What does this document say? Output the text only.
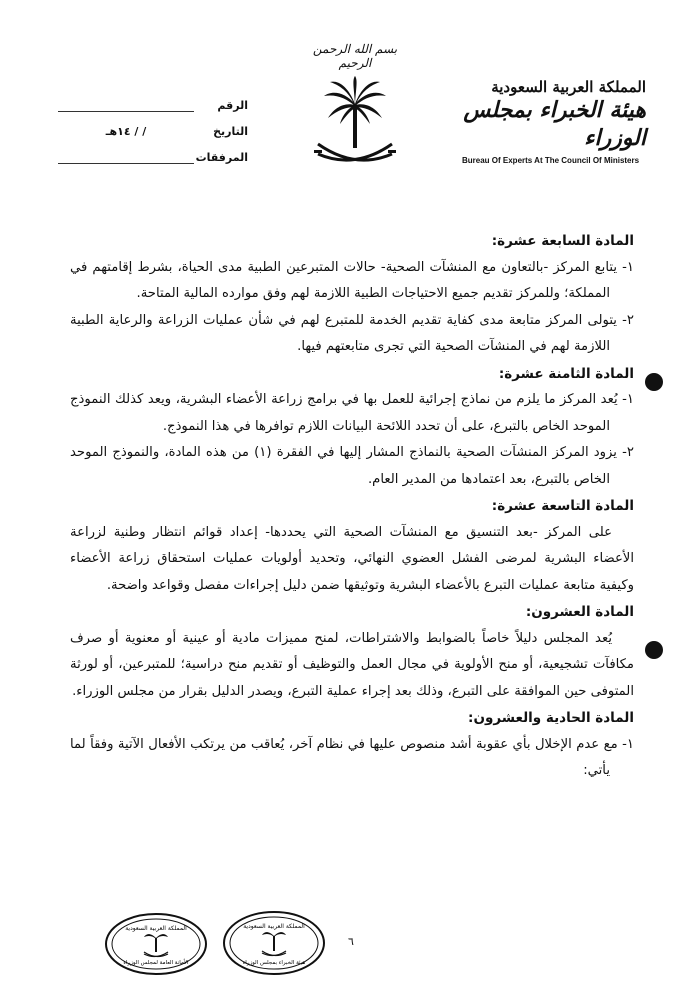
المملكة العربية السعودية
هيئة الخبراء بمجلس الوزراء
Bureau Of Experts At The Council Of Ministers
بسم الله الرحمن الرحيم
الرقم
التاريخ
/ / ١٤هـ
المرفقات

المادة السابعة عشرة:

١- يتابع المركز -بالتعاون مع المنشآت الصحية- حالات المتبرعين الطبية مدى الحياة، بشرط إقامتهم في المملكة؛ وللمركز تقديم جميع الاحتياجات الطبية اللازمة لهم وفق موارده المالية المتاحة.

٢- يتولى المركز متابعة مدى كفاية تقديم الخدمة للمتبرع لهم في شأن عمليات الزراعة والرعاية الطبية اللازمة لهم في المنشآت الصحية التي تجرى متابعتهم فيها.

المادة الثامنة عشرة:

١- يُعد المركز ما يلزم من نماذج إجرائية للعمل بها في برامج زراعة الأعضاء البشرية، ويعد كذلك النموذج الموحد الخاص بالتبرع، على أن تحدد اللائحة البيانات اللازم توافرها في هذا النموذج.

٢- يزود المركز المنشآت الصحية بالنماذج المشار إليها في الفقرة (١) من هذه المادة، والنموذج الموحد الخاص بالتبرع، بعد اعتمادها من المدير العام.

المادة التاسعة عشرة:

على المركز -بعد التنسيق مع المنشآت الصحية التي يحددها- إعداد قوائم انتظار وطنية لزراعة الأعضاء البشرية لمرضى الفشل العضوي النهائي، وتحديد أولويات عمليات استحقاق زراعة الأعضاء وكيفية متابعة عمليات التبرع بالأعضاء البشرية وتوثيقها ضمن دليل إجراءات مفصل وقواعد واضحة.

المادة العشرون:

يُعد المجلس دليلاً خاصاً بالضوابط والاشتراطات، لمنح مميزات مادية أو عينية أو معنوية أو صرف مكافآت تشجيعية، أو منح الأولوية في مجال العمل والتوظيف أو تقديم منح دراسية؛ للمتبرعين، أو لورثة المتوفى حين الموافقة على التبرع، وذلك بعد إجراء عملية التبرع، ويصدر الدليل بقرار من مجلس الوزراء.

المادة الحادية والعشرون:

١- مع عدم الإخلال بأي عقوبة أشد منصوص عليها في نظام آخر، يُعاقب من يرتكب الأفعال الآتية وفقاً لما يأتي:

٦
المملكة العربية السعودية
الأمانة العامة لمجلس الوزراء
المملكة العربية السعودية
هيئة الخبراء بمجلس الوزراء
